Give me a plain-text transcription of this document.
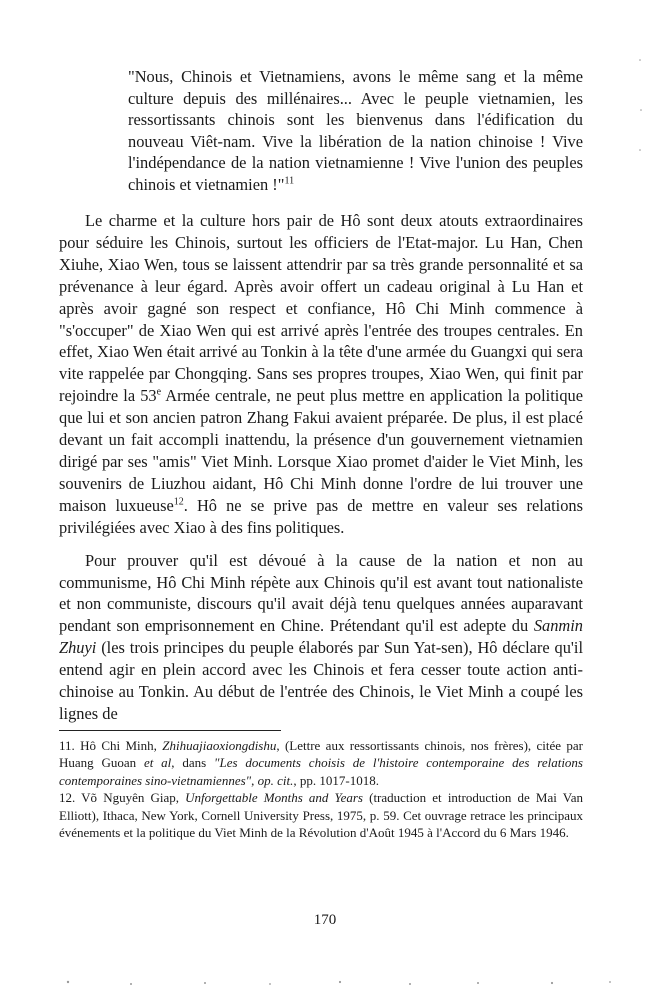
"Nous, Chinois et Vietnamiens, avons le même sang et la même culture depuis des millénaires... Avec le peuple vietnamien, les ressortissants chinois sont les bienvenus dans l'édification du nouveau Viêt-nam. Vive la libération de la nation chinoise ! Vive l'indépendance de la nation vietnamienne ! Vive l'union des peuples chinois et vietnamien !"$^{11}$

Le charme et la culture hors pair de Hô sont deux atouts extraordinaires pour séduire les Chinois, surtout les officiers de l'Etat-major. Lu Han, Chen Xiuhe, Xiao Wen, tous se laissent attendrir par sa très grande personnalité et sa prévenance à leur égard. Après avoir offert un cadeau original à Lu Han et après avoir gagné son respect et confiance, Hô Chi Minh commence à "s'occuper" de Xiao Wen qui est arrivé après l'entrée des troupes centrales. En effet, Xiao Wen était arrivé au Tonkin à la tête d'une armée du Guangxi qui sera vite rappelée par Chongqing. Sans ses propres troupes, Xiao Wen, qui finit par rejoindre la 53e Armée centrale, ne peut plus mettre en application la politique que lui et son ancien patron Zhang Fakui avaient préparée. De plus, il est placé devant un fait accompli inattendu, la présence d'un gouvernement vietnamien dirigé par ses "amis" Viet Minh. Lorsque Xiao promet d'aider le Viet Minh, les souvenirs de Liuzhou aidant, Hô Chi Minh donne l'ordre de lui trouver une maison luxueuse$^{12}$. Hô ne se prive pas de mettre en valeur ses relations privilégiées avec Xiao à des fins politiques.

Pour prouver qu'il est dévoué à la cause de la nation et non au communisme, Hô Chi Minh répète aux Chinois qu'il est avant tout nationaliste et non communiste, discours qu'il avait déjà tenu quelques années auparavant pendant son emprisonnement en Chine. Prétendant qu'il est adepte du Sanmin Zhuyi (les trois principes du peuple élaborés par Sun Yat-sen), Hô déclare qu'il entend agir en plein accord avec les Chinois et fera cesser toute action anti-chinoise au Tonkin. Au début de l'entrée des Chinois, le Viet Minh a coupé les lignes de

11. Hô Chi Minh, Zhihuajiaoxiongdishu, (Lettre aux ressortissants chinois, nos frères), citée par Huang Guoan et al, dans "Les documents choisis de l'histoire contemporaine des relations contemporaines sino-vietnamiennes", op. cit., pp. 1017-1018.

12. Võ Nguyên Giap, Unforgettable Months and Years (traduction et introduction de Mai Van Elliott), Ithaca, New York, Cornell University Press, 1975, p. 59. Cet ouvrage retrace les principaux événements et la politique du Viet Minh de la Révolution d'Août 1945 à l'Accord du 6 Mars 1946.

170
